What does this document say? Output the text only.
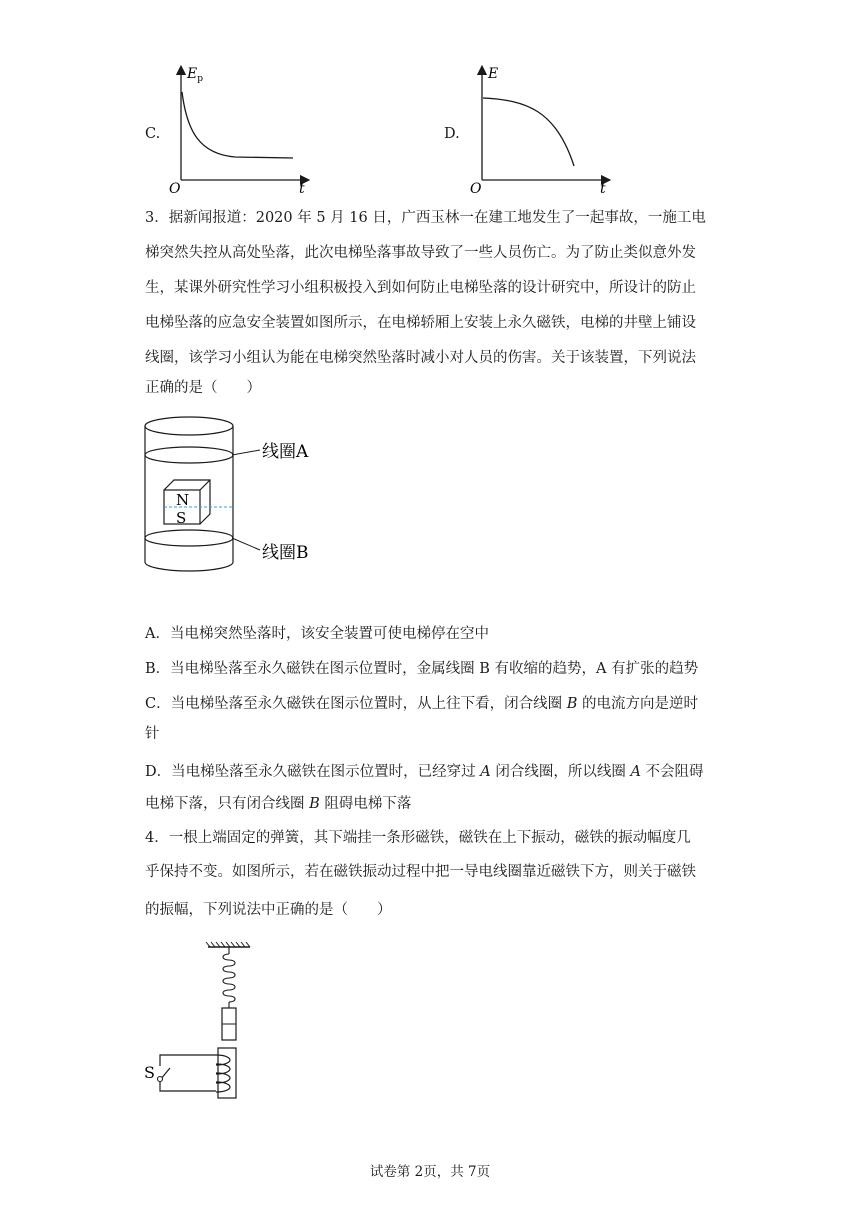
C.
$E_p$
O	t
D.
E
O	t
3．据新闻报道：2020 年 5 月 16 日，广西玉林一在建工地发生了一起事故，一施工电
梯突然失控从高处坠落，此次电梯坠落事故导致了一些人员伤亡。为了防止类似意外发
生，某课外研究性学习小组积极投入到如何防止电梯坠落的设计研究中，所设计的防止
电梯坠落的应急安全装置如图所示，在电梯轿厢上安装上永久磁铁，电梯的井壁上铺设
线圈，该学习小组认为能在电梯突然坠落时减小对人员的伤害。关于该装置，下列说法
正确的是（　　）
N
S
线圈A
线圈B
A．当电梯突然坠落时，该安全装置可使电梯停在空中
B．当电梯坠落至永久磁铁在图示位置时，金属线圈 B 有收缩的趋势，A 有扩张的趋势
C．当电梯坠落至永久磁铁在图示位置时，从上往下看，闭合线圈 B 的电流方向是逆时
针
D．当电梯坠落至永久磁铁在图示位置时，已经穿过 A 闭合线圈，所以线圈 A 不会阻碍
电梯下落，只有闭合线圈 B 阻碍电梯下落
4．一根上端固定的弹簧，其下端挂一条形磁铁，磁铁在上下振动，磁铁的振动幅度几
乎保持不变。如图所示，若在磁铁振动过程中把一导电线圈靠近磁铁下方，则关于磁铁
的振幅，下列说法中正确的是（　　）
S
试卷第 2页，共 7页
